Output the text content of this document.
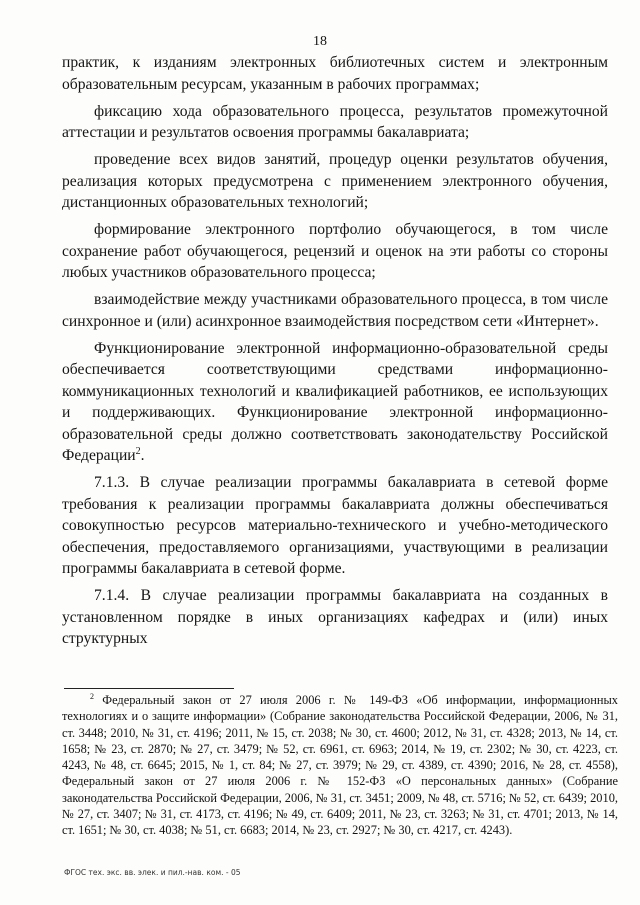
18

практик, к изданиям электронных библиотечных систем и электронным образовательным ресурсам, указанным в рабочих программах;

фиксацию хода образовательного процесса, результатов промежуточной аттестации и результатов освоения программы бакалавриата;

проведение всех видов занятий, процедур оценки результатов обучения, реализация которых предусмотрена с применением электронного обучения, дистанционных образовательных технологий;

формирование электронного портфолио обучающегося, в том числе сохранение работ обучающегося, рецензий и оценок на эти работы со стороны любых участников образовательного процесса;

взаимодействие между участниками образовательного процесса, в том числе синхронное и (или) асинхронное взаимодействия посредством сети «Интернет».

Функционирование электронной информационно-образовательной среды обеспечивается соответствующими средствами информационно-коммуникационных технологий и квалификацией работников, ее использующих и поддерживающих. Функционирование электронной информационно-образовательной среды должно соответствовать законодательству Российской Федерации$^2$.

7.1.3. В случае реализации программы бакалавриата в сетевой форме требования к реализации программы бакалавриата должны обеспечиваться совокупностью ресурсов материально-технического и учебно-методического обеспечения, предоставляемого организациями, участвующими в реализации программы бакалавриата в сетевой форме.

7.1.4. В случае реализации программы бакалавриата на созданных в установленном порядке в иных организациях кафедрах и (или) иных структурных

$^2$ Федеральный закон от 27 июля 2006 г. № 149-ФЗ «Об информации, информационных технологиях и о защите информации» (Собрание законодательства Российской Федерации, 2006, № 31, ст. 3448; 2010, № 31, ст. 4196; 2011, № 15, ст. 2038; № 30, ст. 4600; 2012, № 31, ст. 4328; 2013, № 14, ст. 1658; № 23, ст. 2870; № 27, ст. 3479; № 52, ст. 6961, ст. 6963; 2014, № 19, ст. 2302; № 30, ст. 4223, ст. 4243, № 48, ст. 6645; 2015, № 1, ст. 84; № 27, ст. 3979; № 29, ст. 4389, ст. 4390; 2016, № 28, ст. 4558), Федеральный закон от 27 июля 2006 г. № 152-ФЗ «О персональных данных» (Собрание законодательства Российской Федерации, 2006, № 31, ст. 3451; 2009, № 48, ст. 5716; № 52, ст. 6439; 2010, № 27, ст. 3407; № 31, ст. 4173, ст. 4196; № 49, ст. 6409; 2011, № 23, ст. 3263; № 31, ст. 4701; 2013, № 14, ст. 1651; № 30, ст. 4038; № 51, ст. 6683; 2014, № 23, ст. 2927; № 30, ст. 4217, ст. 4243).
ФГОС тех. экс. вв. элек. и пил.-нав. ком. - 05
